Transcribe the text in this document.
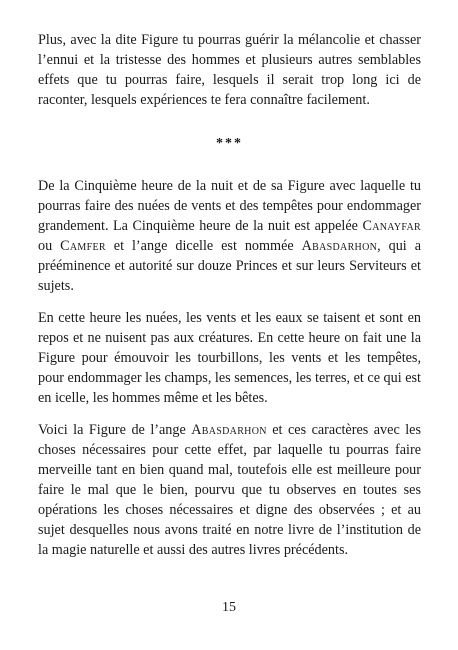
Plus, avec la dite Figure tu pourras guérir la mélancolie et chasser l’ennui et la tristesse des hommes et plusieurs autres semblables effets que tu pourras faire, lesquels il serait trop long ici de raconter, lesquels expériences te fera connaître facilement.

***

De la Cinquième heure de la nuit et de sa Figure avec laquelle tu pourras faire des nuées de vents et des tempêtes pour endommager grandement. La Cinquième heure de la nuit est appelée Canayfar ou Camfer et l’ange dicelle est nommée Abasdarhon, qui a prééminence et autorité sur douze Princes et sur leurs Serviteurs et sujets.

En cette heure les nuées, les vents et les eaux se taisent et sont en repos et ne nuisent pas aux créatures. En cette heure on fait une la Figure pour émouvoir les tourbillons, les vents et les tempêtes, pour endommager les champs, les semences, les terres, et ce qui est en icelle, les hommes même et les bêtes.

Voici la Figure de l’ange Abasdarhon et ces caractères avec les choses nécessaires pour cette effet, par laquelle tu pourras faire merveille tant en bien quand mal, toutefois elle est meilleure pour faire le mal que le bien, pourvu que tu observes en toutes ses opérations les choses nécessaires et digne des observées ; et au sujet desquelles nous avons traité en notre livre de l’institution de la magie naturelle et aussi des autres livres précédents.

15
